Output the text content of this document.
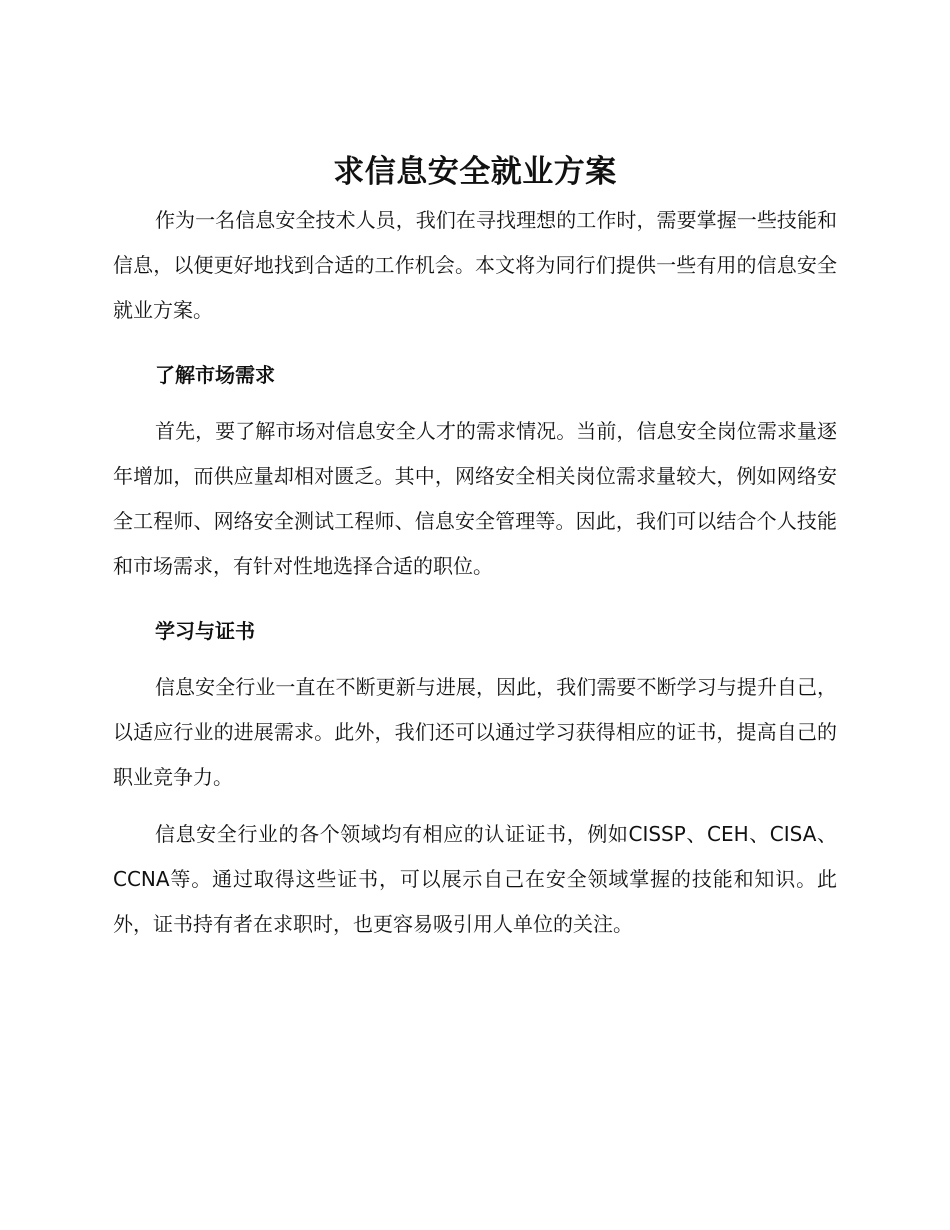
求信息安全就业方案

作为一名信息安全技术人员，我们在寻找理想的工作时，需要掌握一些技能和信息，以便更好地找到合适的工作机会。本文将为同行们提供一些有用的信息安全就业方案。

了解市场需求

首先，要了解市场对信息安全人才的需求情况。当前，信息安全岗位需求量逐年增加，而供应量却相对匮乏。其中，网络安全相关岗位需求量较大，例如网络安全工程师、网络安全测试工程师、信息安全管理等。因此，我们可以结合个人技能和市场需求，有针对性地选择合适的职位。

学习与证书

信息安全行业一直在不断更新与进展，因此，我们需要不断学习与提升自己，以适应行业的进展需求。此外，我们还可以通过学习获得相应的证书，提高自己的职业竞争力。

信息安全行业的各个领域均有相应的认证证书，例如CISSP、CEH、CISA、CCNA等。通过取得这些证书，可以展示自己在安全领域掌握的技能和知识。此外，证书持有者在求职时，也更容易吸引用人单位的关注。
